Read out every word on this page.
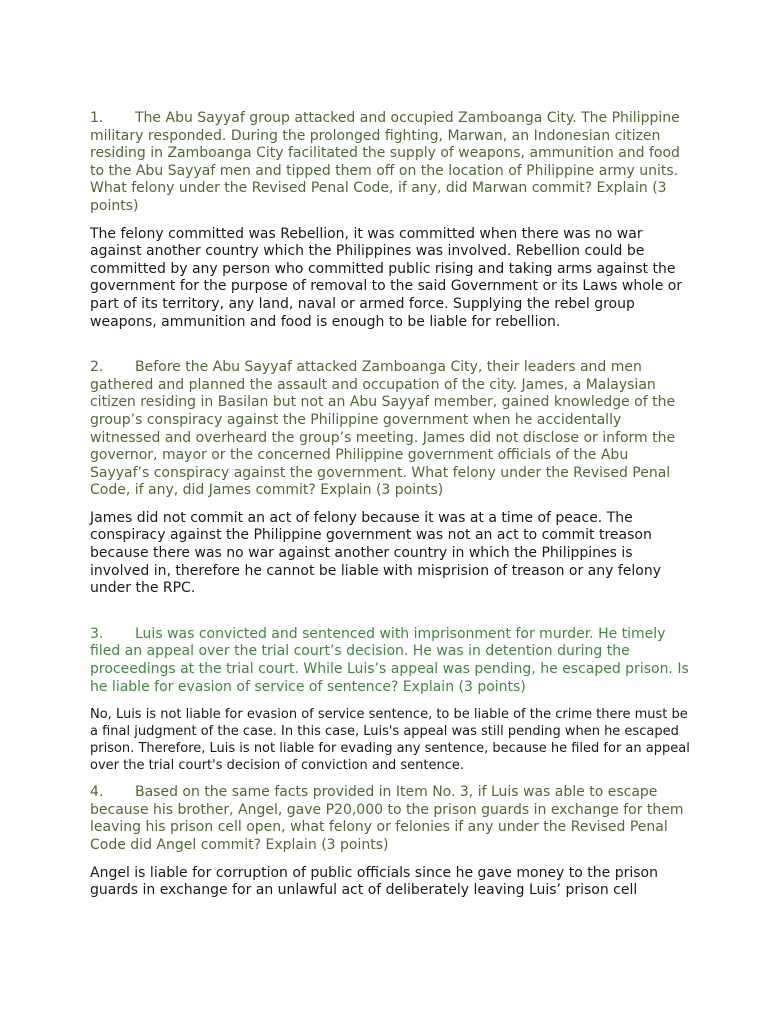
1. The Abu Sayyaf group attacked and occupied Zamboanga City. The Philippine military responded. During the prolonged fighting, Marwan, an Indonesian citizen residing in Zamboanga City facilitated the supply of weapons, ammunition and food to the Abu Sayyaf men and tipped them off on the location of Philippine army units. What felony under the Revised Penal Code, if any, did Marwan commit? Explain (3 points)

The felony committed was Rebellion, it was committed when there was no war against another country which the Philippines was involved. Rebellion could be committed by any person who committed public rising and taking arms against the government for the purpose of removal to the said Government or its Laws whole or part of its territory, any land, naval or armed force. Supplying the rebel group weapons, ammunition and food is enough to be liable for rebellion.

2. Before the Abu Sayyaf attacked Zamboanga City, their leaders and men gathered and planned the assault and occupation of the city. James, a Malaysian citizen residing in Basilan but not an Abu Sayyaf member, gained knowledge of the group’s conspiracy against the Philippine government when he accidentally witnessed and overheard the group’s meeting. James did not disclose or inform the governor, mayor or the concerned Philippine government officials of the Abu Sayyaf’s conspiracy against the government. What felony under the Revised Penal Code, if any, did James commit? Explain (3 points)

James did not commit an act of felony because it was at a time of peace. The conspiracy against the Philippine government was not an act to commit treason because there was no war against another country in which the Philippines is involved in, therefore he cannot be liable with misprision of treason or any felony under the RPC.

3. Luis was convicted and sentenced with imprisonment for murder. He timely filed an appeal over the trial court’s decision. He was in detention during the proceedings at the trial court. While Luis’s appeal was pending, he escaped prison. Is he liable for evasion of service of sentence? Explain (3 points)

No, Luis is not liable for evasion of service sentence, to be liable of the crime there must be a final judgment of the case. In this case, Luis's appeal was still pending when he escaped prison. Therefore, Luis is not liable for evading any sentence, because he filed for an appeal over the trial court's decision of conviction and sentence.

4. Based on the same facts provided in Item No. 3, if Luis was able to escape because his brother, Angel, gave P20,000 to the prison guards in exchange for them leaving his prison cell open, what felony or felonies if any under the Revised Penal Code did Angel commit? Explain (3 points)

Angel is liable for corruption of public officials since he gave money to the prison guards in exchange for an unlawful act of deliberately leaving Luis’ prison cell
